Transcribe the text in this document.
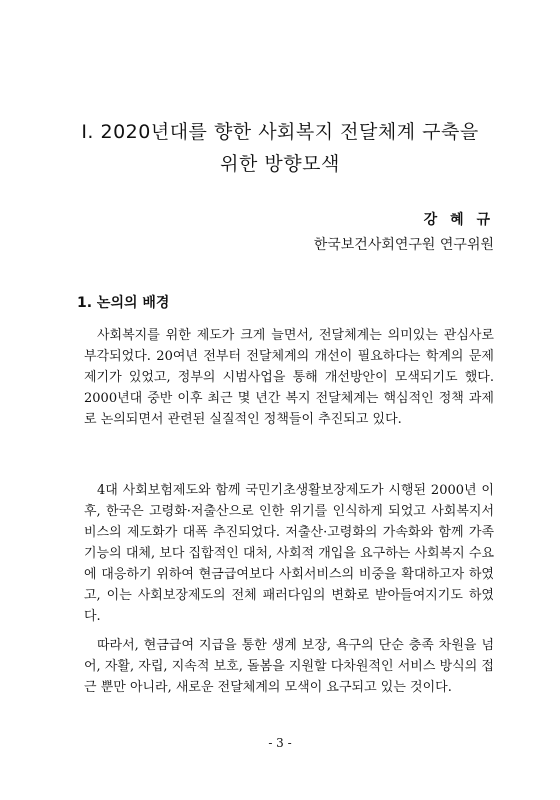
I. 2020년대를 향한 사회복지 전달체계 구축을
위한 방향모색
강 혜 규
한국보건사회연구원 연구위원
1. 논의의 배경

사회복지를 위한 제도가 크게 늘면서, 전달체계는 의미있는 관심사로 부각되었다. 20여년 전부터 전달체계의 개선이 필요하다는 학계의 문제 제기가 있었고, 정부의 시범사업을 통해 개선방안이 모색되기도 했다. 2000년대 중반 이후 최근 몇 년간 복지 전달체계는 핵심적인 정책 과제로 논의되면서 관련된 실질적인 정책들이 추진되고 있다.

4대 사회보험제도와 함께 국민기초생활보장제도가 시행된 2000년 이후, 한국은 고령화·저출산으로 인한 위기를 인식하게 되었고 사회복지서비스의 제도화가 대폭 추진되었다. 저출산·고령화의 가속화와 함께 가족기능의 대체, 보다 집합적인 대처, 사회적 개입을 요구하는 사회복지 수요에 대응하기 위하여 현금급여보다 사회서비스의 비중을 확대하고자 하였고, 이는 사회보장제도의 전체 패러다임의 변화로 받아들여지기도 하였다.

따라서, 현금급여 지급을 통한 생계 보장, 욕구의 단순 충족 차원을 넘어, 자활, 자립, 지속적 보호, 돌봄을 지원할 다차원적인 서비스 방식의 접근 뿐만 아니라, 새로운 전달체계의 모색이 요구되고 있는 것이다.

- 3 -
